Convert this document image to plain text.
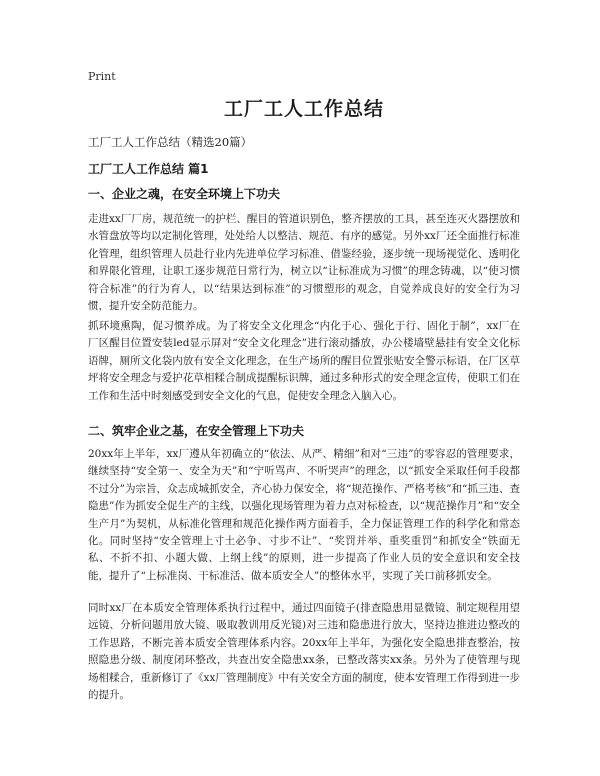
Print
工厂工人工作总结
工厂工人工作总结（精选20篇）
工厂工人工作总结 篇1
一、企业之魂，在安全环境上下功夫

走进xx厂厂房，规范统一的护栏、醒目的管道识别色，整齐摆放的工具，甚至连灭火器摆放和水管盘放等均以定制化管理，处处给人以整洁、规范、有序的感觉。另外xx厂还全面推行标准化管理，组织管理人员赴行业内先进单位学习标准、借鉴经验，逐步统一现场视觉化、透明化和界限化管理，让职工逐步规范日常行为，树立以“让标准成为习惯”的理念铸魂，以“使习惯符合标准”的行为育人，以“结果达到标准”的习惯塑形的观念，自觉养成良好的安全行为习惯，提升安全防范能力。

抓环境熏陶，促习惯养成。为了将安全文化理念“内化于心、强化于行、固化于制”，xx厂在厂区醒目位置安装led显示屏对“安全文化理念”进行滚动播放，办公楼墙壁悬挂有安全文化标语牌，厕所文化袋内放有安全文化理念，在生产场所的醒目位置张贴安全警示标语，在厂区草坪将安全理念与爱护花草相糅合制成提醒标识牌，通过多种形式的安全理念宣传，使职工们在工作和生活中时刻感受到安全文化的气息，促使安全理念入脑入心。

二、筑牢企业之基，在安全管理上下功夫

20xx年上半年，xx厂遵从年初确立的“依法、从严、精细”和对“三违”的零容忍的管理要求，继续坚持“安全第一、安全为天”和“宁听骂声、不听哭声”的理念，以“抓安全采取任何手段都不过分”为宗旨，众志成城抓安全，齐心协力保安全，将“规范操作、严格考核”和“抓三违、查隐患”作为抓安全促生产的主线，以强化现场管理为着力点对标检查，以“规范操作月”和“安全生产月”为契机，从标准化管理和规范化操作两方面着手，全力保证管理工作的科学化和常态化。同时坚持“安全管理上寸土必争、寸步不让”、“奖罚并举、重奖重罚”和抓安全“铁面无私、不折不扣、小题大做、上纲上线”的原则，进一步提高了作业人员的安全意识和安全技能，提升了“上标准岗、干标准活、做本质安全人”的整体水平，实现了关口前移抓安全。

同时xx厂在本质安全管理体系执行过程中，通过四面镜子(排查隐患用显微镜、制定规程用望远镜、分析问题用放大镜、吸取教训用反光镜)对三违和隐患进行放大，坚持边推进边整改的工作思路，不断完善本质安全管理体系内容。20xx年上半年，为强化安全隐患排查整治，按照隐患分级、制度闭环整改，共查出安全隐患xx条，已整改落实xx条。另外为了使管理与现场相糅合，重新修订了《xx厂管理制度》中有关安全方面的制度，使本安管理工作得到进一步的提升。
